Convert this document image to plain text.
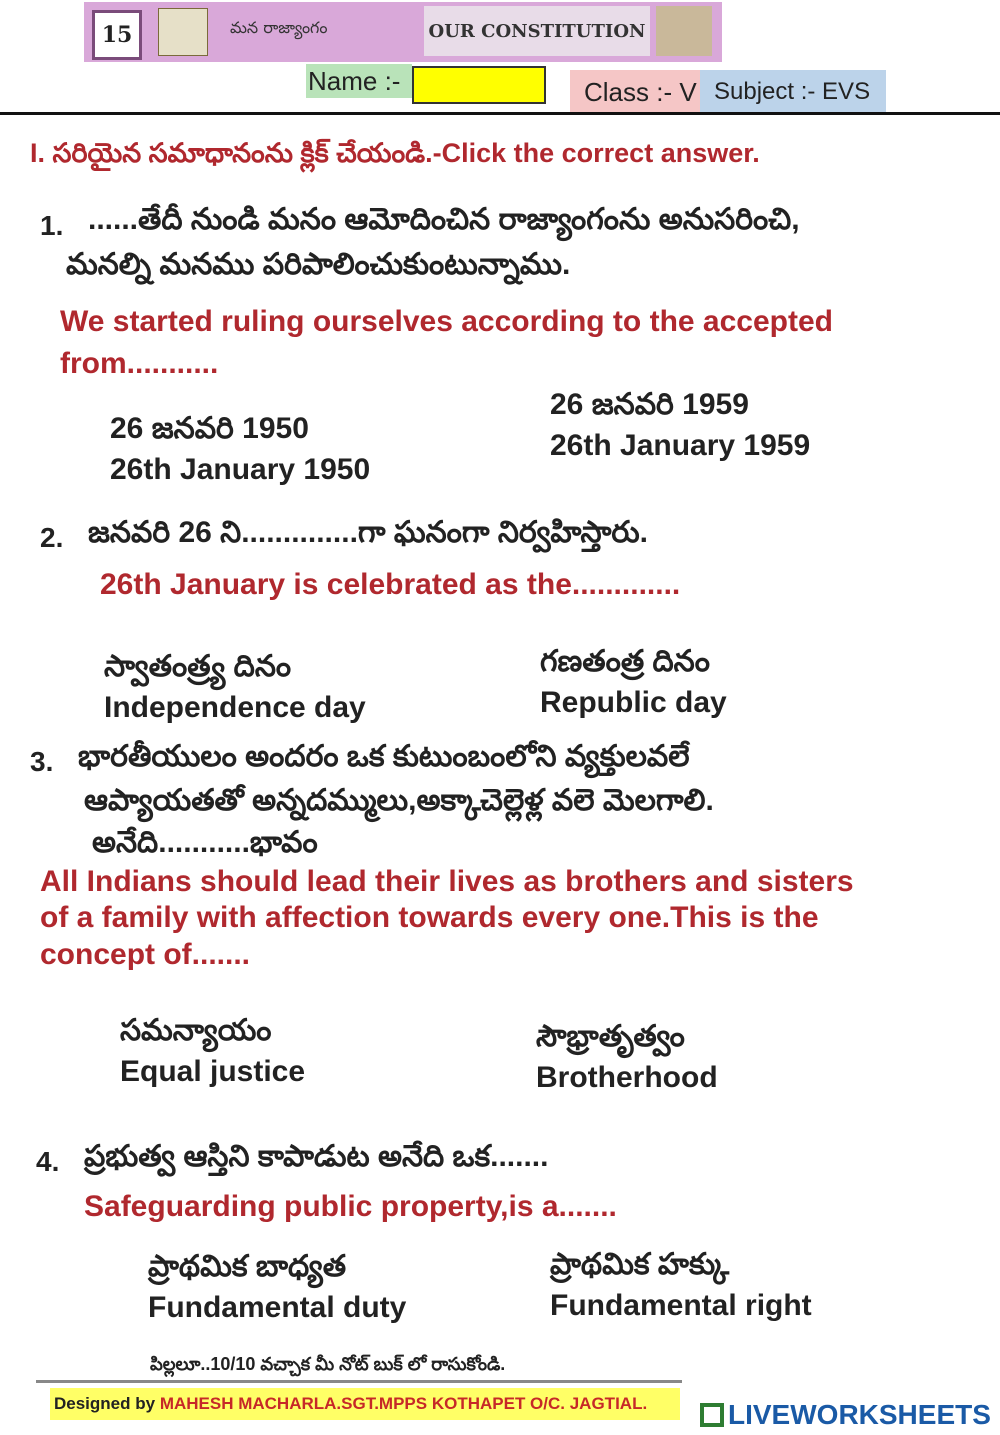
15	మన రాజ్యాంగం	OUR CONSTITUTION
Name :-	Class :- V Subject :- EVS
I. సరియైన సమాధానంను క్లిక్ చేయండి.-Click the correct answer.
1. ......తేదీ నుండి మనం ఆమోదించిన రాజ్యాంగంను అనుసరించి,
మనల్ని మనము పరిపాలించుకుంటున్నాము.
We started ruling ourselves according to the accepted
from...........
26 జనవరి 1950
26th January 1950
26 జనవరి 1959
26th January 1959
2. జనవరి 26 ని..............గా ఘనంగా నిర్వహిస్తారు.
26th January is celebrated as the.............
స్వాతంత్ర్య దినం
Independence day
గణతంత్ర దినం
Republic day
3. భారతీయులం అందరం ఒక కుటుంబంలోని వ్యక్తులవలే
ఆప్యాయతతో అన్నదమ్ములు,అక్కాచెల్లెళ్ల వలె మెలగాలి.
అనేది...........భావం
All Indians should lead their lives as brothers and sisters
of a family with affection towards every one.This is the
concept of.......
సమన్యాయం
Equal justice
సౌభ్రాతృత్వం
Brotherhood
4. ప్రభుత్వ ఆస్తిని కాపాడుట అనేది ఒక.......
Safeguarding public property,is a.......
ప్రాథమిక బాధ్యత
Fundamental duty
ప్రాథమిక హక్కు
Fundamental right
పిల్లలూ..10/10 వచ్చాక మీ నోట్ బుక్ లో రాసుకోండి.
Designed by MAHESH MACHARLA.SGT.MPPS KOTHAPET O/C. JAGTIAL.	LIVEWORKSHEETS
